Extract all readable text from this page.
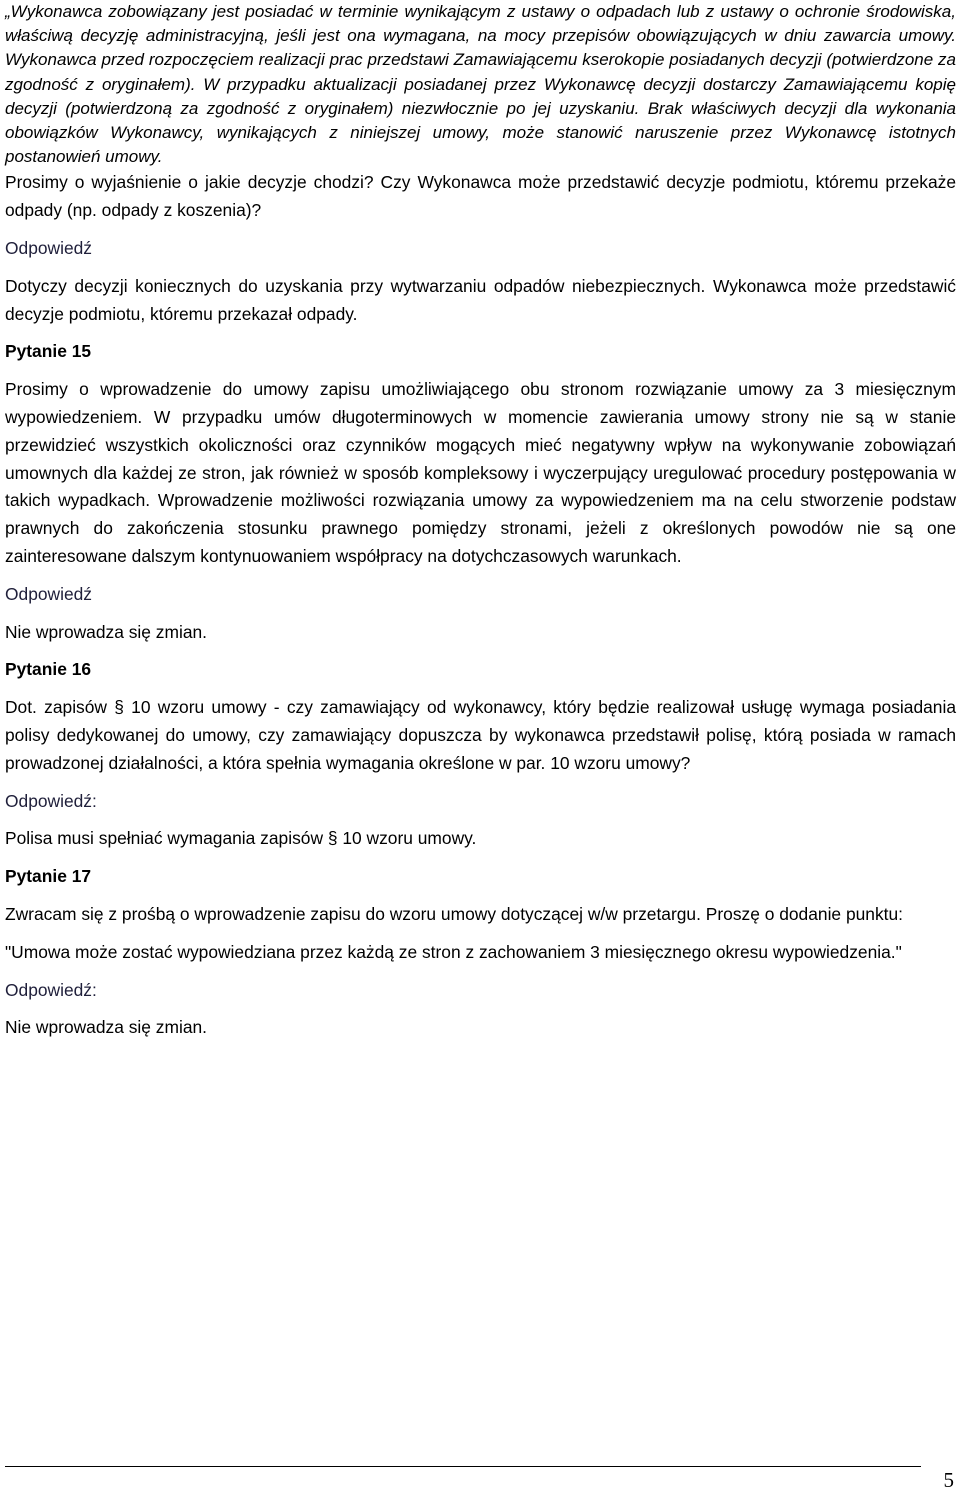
„Wykonawca zobowiązany jest posiadać w terminie wynikającym z ustawy o odpadach lub z ustawy o ochronie środowiska, właściwą decyzję administracyjną, jeśli jest ona wymagana, na mocy przepisów obowiązujących w dniu zawarcia umowy. Wykonawca przed rozpoczęciem realizacji prac przedstawi Zamawiającemu kserokopie posiadanych decyzji (potwierdzone za zgodność z oryginałem). W przypadku aktualizacji posiadanej przez Wykonawcę decyzji dostarczy Zamawiającemu kopię decyzji (potwierdzoną za zgodność z oryginałem) niezwłocznie po jej uzyskaniu. Brak właściwych decyzji dla wykonania obowiązków Wykonawcy, wynikających z niniejszej umowy, może stanowić naruszenie przez Wykonawcę istotnych postanowień umowy.

Prosimy o wyjaśnienie o jakie decyzje chodzi? Czy Wykonawca może przedstawić decyzje podmiotu, któremu przekaże odpady (np. odpady z koszenia)?

Odpowiedź

Dotyczy decyzji koniecznych do uzyskania przy wytwarzaniu odpadów niebezpiecznych. Wykonawca może przedstawić decyzje podmiotu, któremu przekazał odpady.

Pytanie 15

Prosimy o wprowadzenie do umowy zapisu umożliwiającego obu stronom rozwiązanie umowy za 3 miesięcznym wypowiedzeniem. W przypadku umów długoterminowych w momencie zawierania umowy strony nie są w stanie przewidzieć wszystkich okoliczności oraz czynników mogących mieć negatywny wpływ na wykonywanie zobowiązań umownych dla każdej ze stron, jak również w sposób kompleksowy i wyczerpujący uregulować procedury postępowania w takich wypadkach. Wprowadzenie możliwości rozwiązania umowy za wypowiedzeniem ma na celu stworzenie podstaw prawnych do zakończenia stosunku prawnego pomiędzy stronami, jeżeli z określonych powodów nie są one zainteresowane dalszym kontynuowaniem współpracy na dotychczasowych warunkach.

Odpowiedź

Nie wprowadza się zmian.

Pytanie 16

Dot. zapisów § 10 wzoru umowy - czy zamawiający od wykonawcy, który będzie realizował usługę wymaga posiadania polisy dedykowanej do umowy, czy zamawiający dopuszcza by wykonawca przedstawił polisę, którą posiada w ramach prowadzonej działalności, a która spełnia wymagania określone w par. 10 wzoru umowy?

Odpowiedź:

Polisa musi spełniać wymagania zapisów § 10 wzoru umowy.

Pytanie 17

Zwracam się z prośbą o wprowadzenie zapisu do wzoru umowy dotyczącej w/w przetargu. Proszę o dodanie punktu:

"Umowa może zostać wypowiedziana przez każdą ze stron z zachowaniem 3 miesięcznego okresu wypowiedzenia."

Odpowiedź:

Nie wprowadza się zmian.

5
